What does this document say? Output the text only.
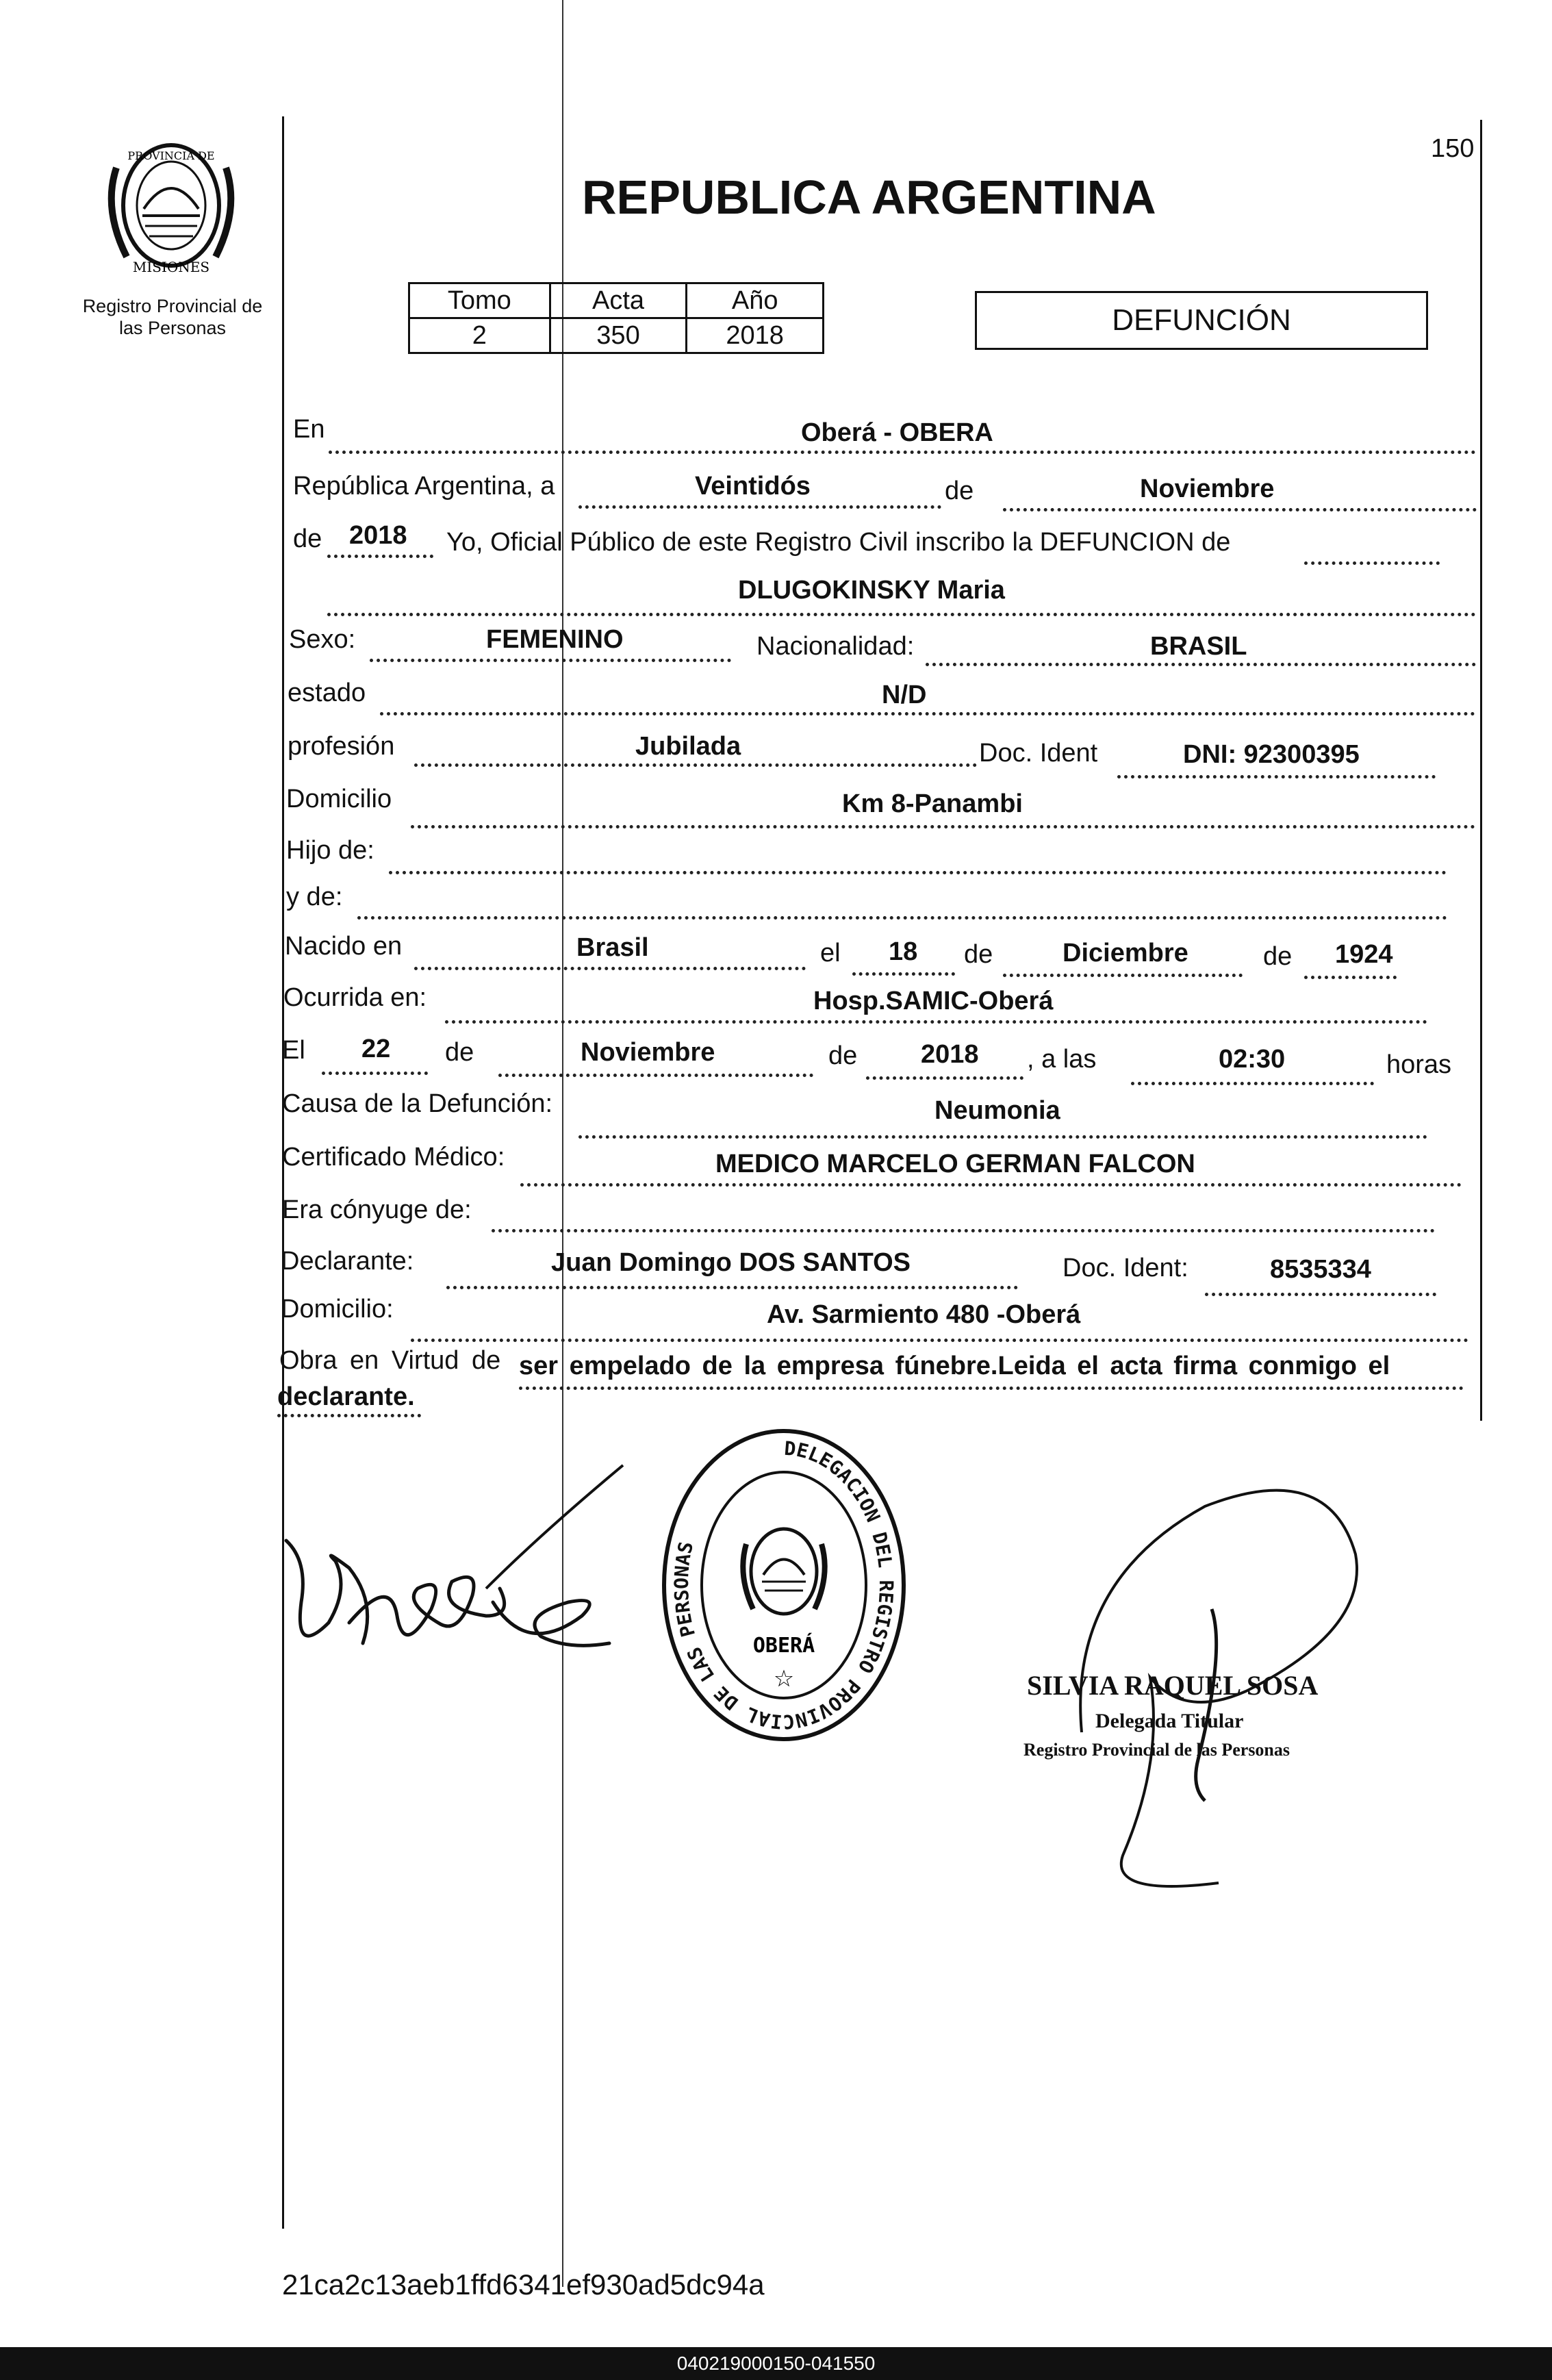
PROVINCIA DE
MISIONES
Registro Provincial de
las Personas
150
REPUBLICA ARGENTINA
Tomo	Acta	Año
2	350	2018	DEFUNCIÓN
En	Oberá - OBERA
República Argentina, a	Veintidós	de	Noviembre
de 2018 Yo, Oficial Público de este Registro Civil inscribo la DEFUNCION de
DLUGOKINSKY Maria
Sexo:	FEMENINO	Nacionalidad:	BRASIL
estado	N/D
profesión	Jubilada	Doc. Ident	DNI: 92300395
Domicilio	Km 8-Panambi
Hijo de:
y de:
Nacido en	Brasil	el 18 de	Diciembre	de 1924
Ocurrida en:	Hosp.SAMIC-Oberá
El 22 de	Noviembre	de 2018 , a las	02:30	horas
Causa de la Defunción:	Neumonia
Certificado Médico:	MEDICO MARCELO GERMAN FALCON
Era cónyuge de:
Declarante:	Juan Domingo DOS SANTOS	Doc. Ident:	8535334
Domicilio:	Av. Sarmiento 480 -Oberá
Obra en Virtud de ser empelado de la empresa fúnebre.Leida el acta firma conmigo el
declarante.
DELEGACION DEL REGISTRO PROVINCIAL DE LAS PERSONAS
OBERÁ
☆	SILVIA RAQUEL SOSA
Delegada Titular
Registro Provincial de las Personas
21ca2c13aeb1ffd6341ef930ad5dc94a
040219000150-041550
